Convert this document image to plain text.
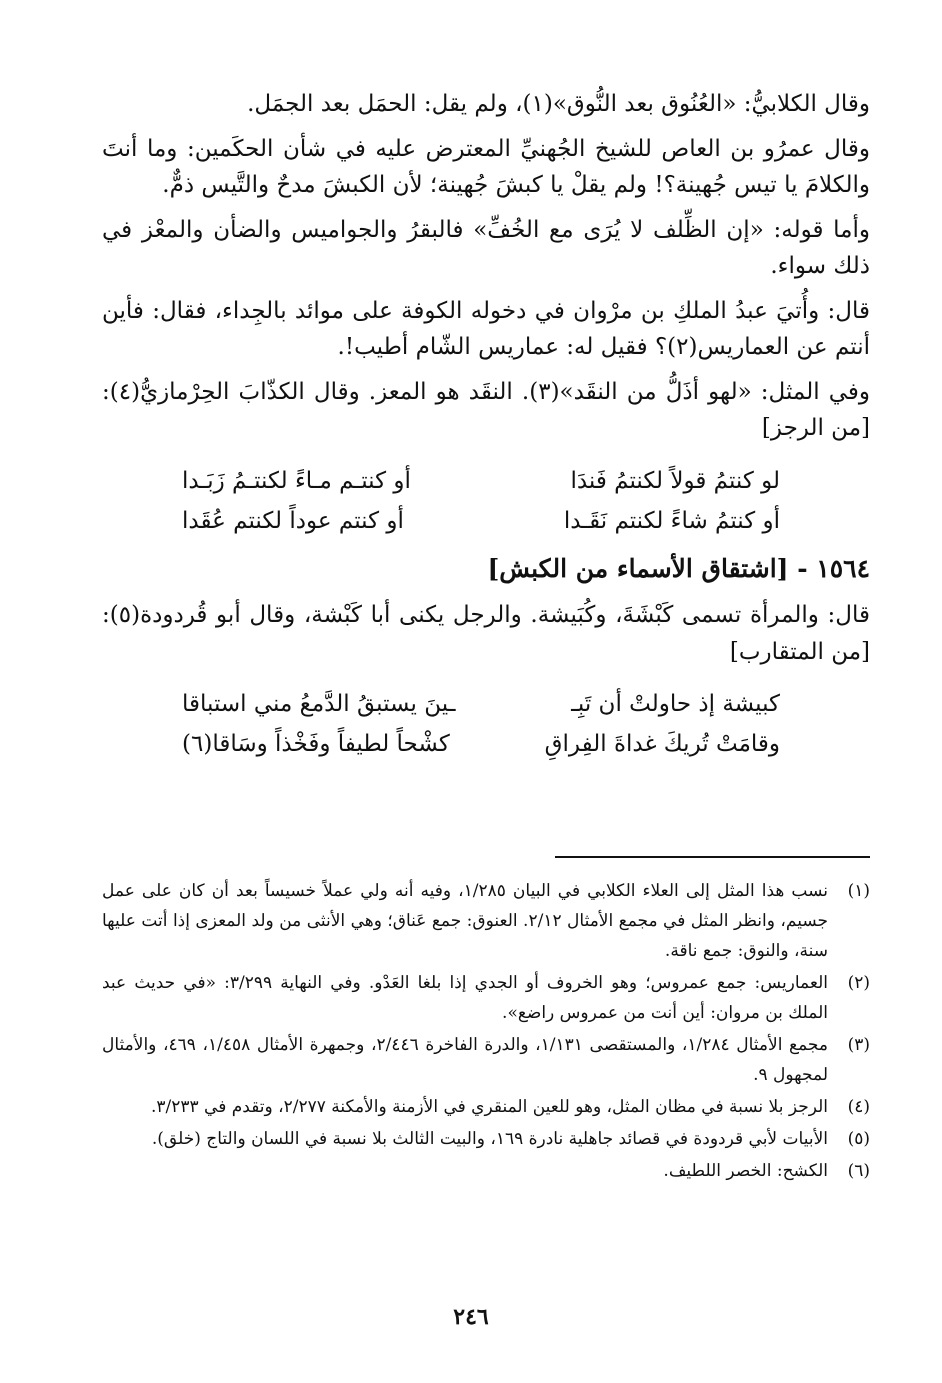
وقال الكلابيُّ: «العُنُوق بعد النُّوق»(١)، ولم يقل: الحمَل بعد الجمَل.

وقال عمرُو بن العاص للشيخ الجُهنيِّ المعترض عليه في شأن الحكَمين: وما أنتَ والكلامَ يا تيس جُهينة؟! ولم يقلْ يا كبشَ جُهينة؛ لأن الكبشَ مدحٌ والتَّيس ذمٌّ.

وأما قوله: «إن الظِّلف لا يُرَى مع الخُفِّ» فالبقرُ والجواميس والضأن والمعْز في ذلك سواء.

قال: وأُتيَ عبدُ الملكِ بن مرْوان في دخوله الكوفة على موائد بالجِداء، فقال: فأين أنتم عن العماريس(٢)؟ فقيل له: عماريس الشّام أطيب!.

وفي المثل: «لهو أذَلُّ من النقَد»(٣). النقَد هو المعز. وقال الكذّابَ الحِرْمازيُّ(٤): [من الرجز]

لو كنتمُ قولاً لكنتمُ فَندَا
أو كنتـم مـاءً لكنتـمُ زَبَـدا
أو كنتمُ شاءً لكنتم نَقَـدا
أو كنتم عوداً لكنتم عُقَدا
١٥٦٤ - [اشتقاق الأسماء من الكبش]

قال: والمرأة تسمى كَبْشَةَ، وكُبَيشة. والرجل يكنى أبا كَبْشة، وقال أبو قُردودة(٥): [من المتقارب]

كبيشة إذ حاولتْ أن تَبِـ
ـينَ يستبقُ الدَّمعُ مني استباقا
وقامَتْ تُريكَ غداةَ الفِراقِ
كشْحاً لطيفاً وفَخْذاً وسَاقا(٦)
(١)
نسب هذا المثل إلى العلاء الكلابي في البيان ١/٢٨٥، وفيه أنه ولي عملاً خسيساً بعد أن كان على عمل جسيم، وانظر المثل في مجمع الأمثال ٢/١٢. العنوق: جمع عَناق؛ وهي الأنثى من ولد المعزى إذا أتت عليها سنة، والنوق: جمع ناقة.
(٢)
العماريس: جمع عمروس؛ وهو الخروف أو الجدي إذا بلغا العَدْو. وفي النهاية ٣/٢٩٩: «في حديث عبد الملك بن مروان: أين أنت من عمروس راضع».
(٣)
مجمع الأمثال ١/٢٨٤، والمستقصى ١/١٣١، والدرة الفاخرة ٢/٤٤٦، وجمهرة الأمثال ١/٤٥٨، ٤٦٩، والأمثال لمجهول ٩.
(٤)
الرجز بلا نسبة في مظان المثل، وهو للعين المنقري في الأزمنة والأمكنة ٢/٢٧٧، وتقدم في ٣/٢٣٣.
(٥)
الأبيات لأبي قردودة في قصائد جاهلية نادرة ١٦٩، والبيت الثالث بلا نسبة في اللسان والتاج (خلق).
(٦)
الكشح: الخصر اللطيف.
٢٤٦
